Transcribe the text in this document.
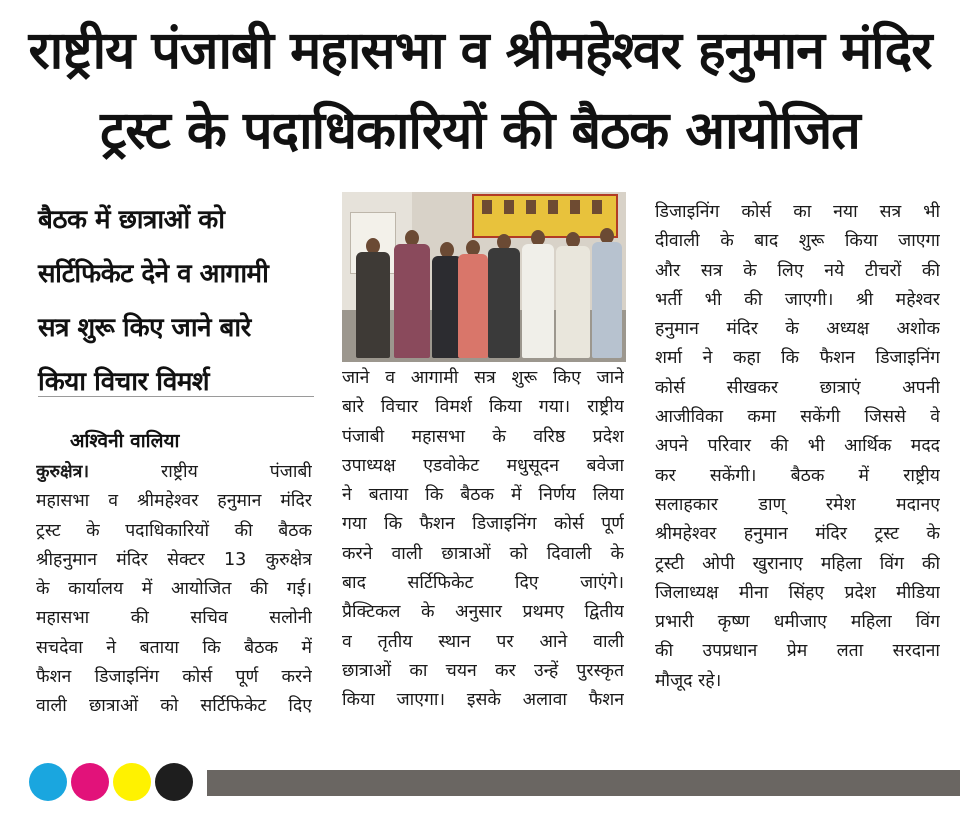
राष्ट्रीय पंजाबी महासभा व श्रीमहेश्वर हनुमान मंदिर
ट्रस्ट के पदाधिकारियों की बैठक आयोजित
बैठक में छात्राओं को
सर्टिफिकेट देने व आगामी
सत्र शुरू किए जाने बारे
किया विचार विमर्श
अश्विनी वालिया
कुरुक्षेत्र। राष्ट्रीय पंजाबी
महासभा व श्रीमहेश्वर हनुमान मंदिर
ट्रस्ट के पदाधिकारियों की बैठक
श्रीहनुमान मंदिर सेक्टर 13 कुरुक्षेत्र
के कार्यालय में आयोजित की गई।
महासभा की सचिव सलोनी
सचदेवा ने बताया कि बैठक में
फैशन डिजाइनिंग कोर्स पूर्ण करने
वाली छात्राओं को सर्टिफिकेट दिए
जाने व आगामी सत्र शुरू किए जाने
बारे विचार विमर्श किया गया। राष्ट्रीय
पंजाबी महासभा के वरिष्ठ प्रदेश
उपाध्यक्ष एडवोकेट मधुसूदन बवेजा
ने बताया कि बैठक में निर्णय लिया
गया कि फैशन डिजाइनिंग कोर्स पूर्ण
करने वाली छात्राओं को दिवाली के
बाद सर्टिफिकेट दिए जाएंगे।
प्रैक्टिकल के अनुसार प्रथमए द्वितीय
व तृतीय स्थान पर आने वाली
छात्राओं का चयन कर उन्हें पुरस्कृत
किया जाएगा। इसके अलावा फैशन
डिजाइनिंग कोर्स का नया सत्र भी
दीवाली के बाद शुरू किया जाएगा
और सत्र के लिए नये टीचरों की
भर्ती भी की जाएगी। श्री महेश्वर
हनुमान मंदिर के अध्यक्ष अशोक
शर्मा ने कहा कि फैशन डिजाइनिंग
कोर्स सीखकर छात्राएं अपनी
आजीविका कमा सकेंगी जिससे वे
अपने परिवार की भी आर्थिक मदद
कर सकेंगी। बैठक में राष्ट्रीय
सलाहकार डाण् रमेश मदानए
श्रीमहेश्वर हनुमान मंदिर ट्रस्ट के
ट्रस्टी ओपी खुरानाए महिला विंग की
जिलाध्यक्ष मीना सिंहए प्रदेश मीडिया
प्रभारी कृष्ण धमीजाए महिला विंग
की उपप्रधान प्रेम लता सरदाना
मौजूद रहे।
